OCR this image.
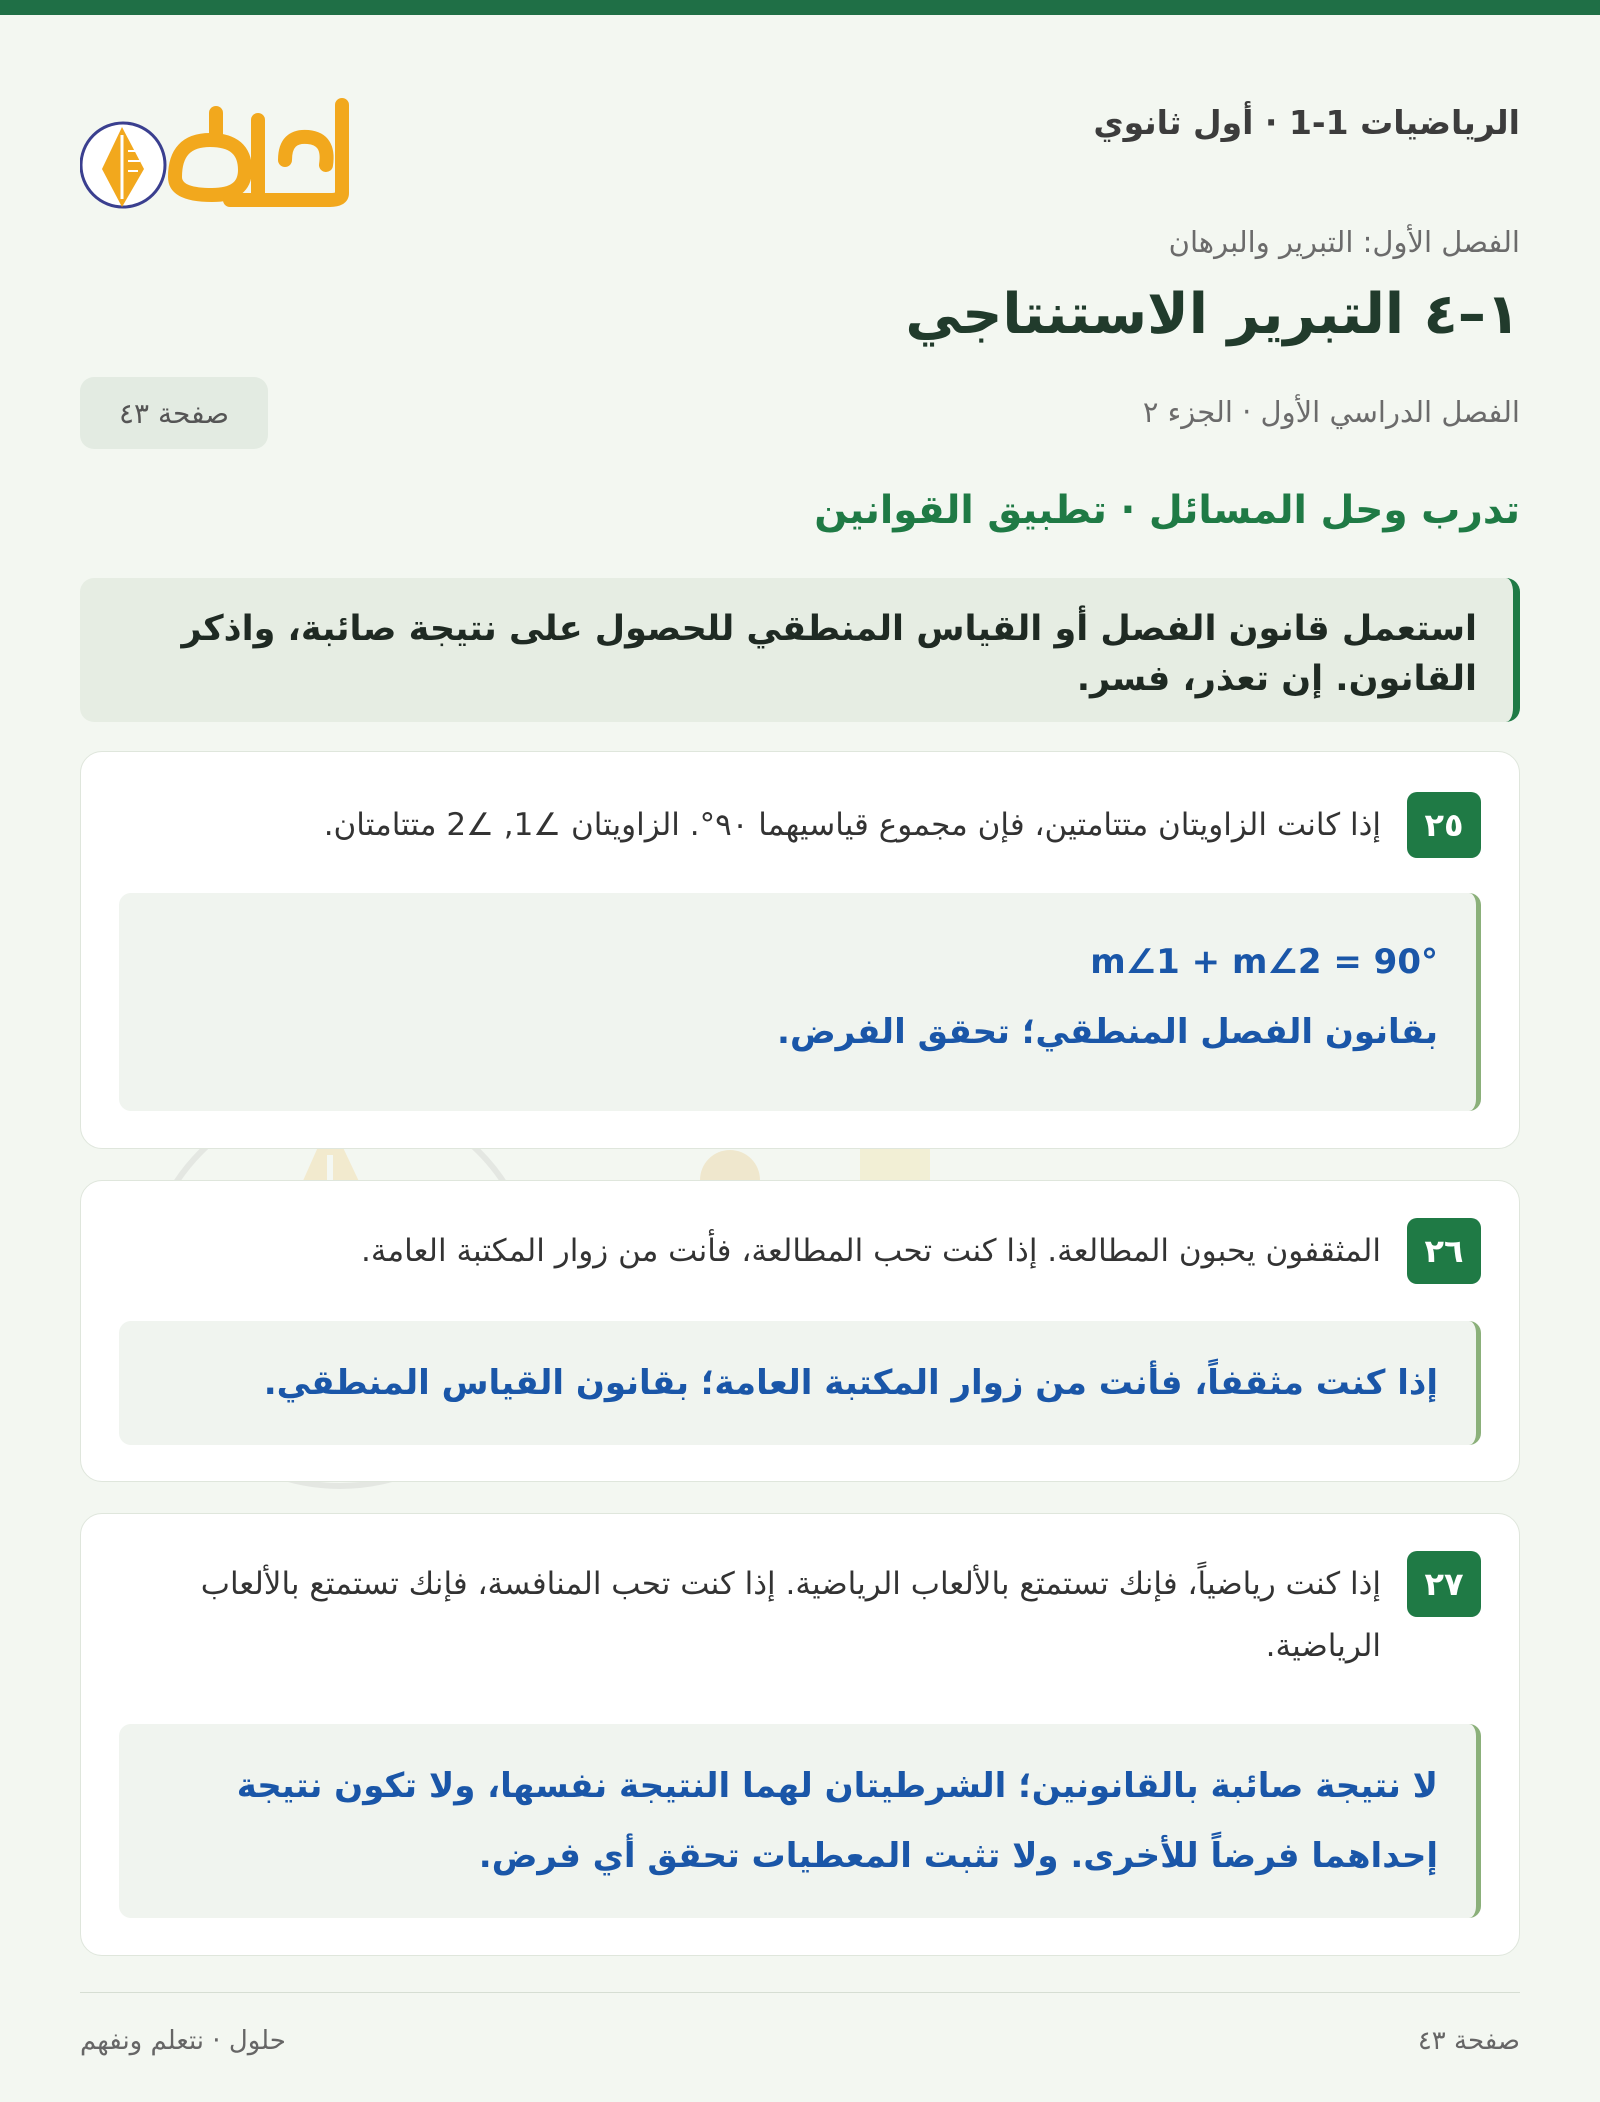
الرياضيات 1-1 · أول ثانوي
الفصل الأول: التبرير والبرهان
١–٤ التبرير الاستنتاجي
الفصل الدراسي الأول · الجزء ٢
صفحة ٤٣
تدرب وحل المسائل · تطبيق القوانين
استعمل قانون الفصل أو القياس المنطقي للحصول على نتيجة صائبة، واذكر القانون. إن تعذر، فسر.
٢٥
إذا كانت الزاويتان متتامتين، فإن مجموع قياسيهما ٩٠°. الزاويتان ∠1, ∠2 متتامتان.
m∠1 + m∠2 = 90°
بقانون الفصل المنطقي؛ تحقق الفرض.
٢٦
المثقفون يحبون المطالعة. إذا كنت تحب المطالعة، فأنت من زوار المكتبة العامة.
إذا كنت مثقفاً، فأنت من زوار المكتبة العامة؛ بقانون القياس المنطقي.
٢٧
إذا كنت رياضياً، فإنك تستمتع بالألعاب الرياضية. إذا كنت تحب المنافسة، فإنك تستمتع بالألعاب الرياضية.
لا نتيجة صائبة بالقانونين؛ الشرطيتان لهما النتيجة نفسها، ولا تكون نتيجة إحداهما فرضاً للأخرى. ولا تثبت المعطيات تحقق أي فرض.
صفحة ٤٣
حلول · نتعلم ونفهم
